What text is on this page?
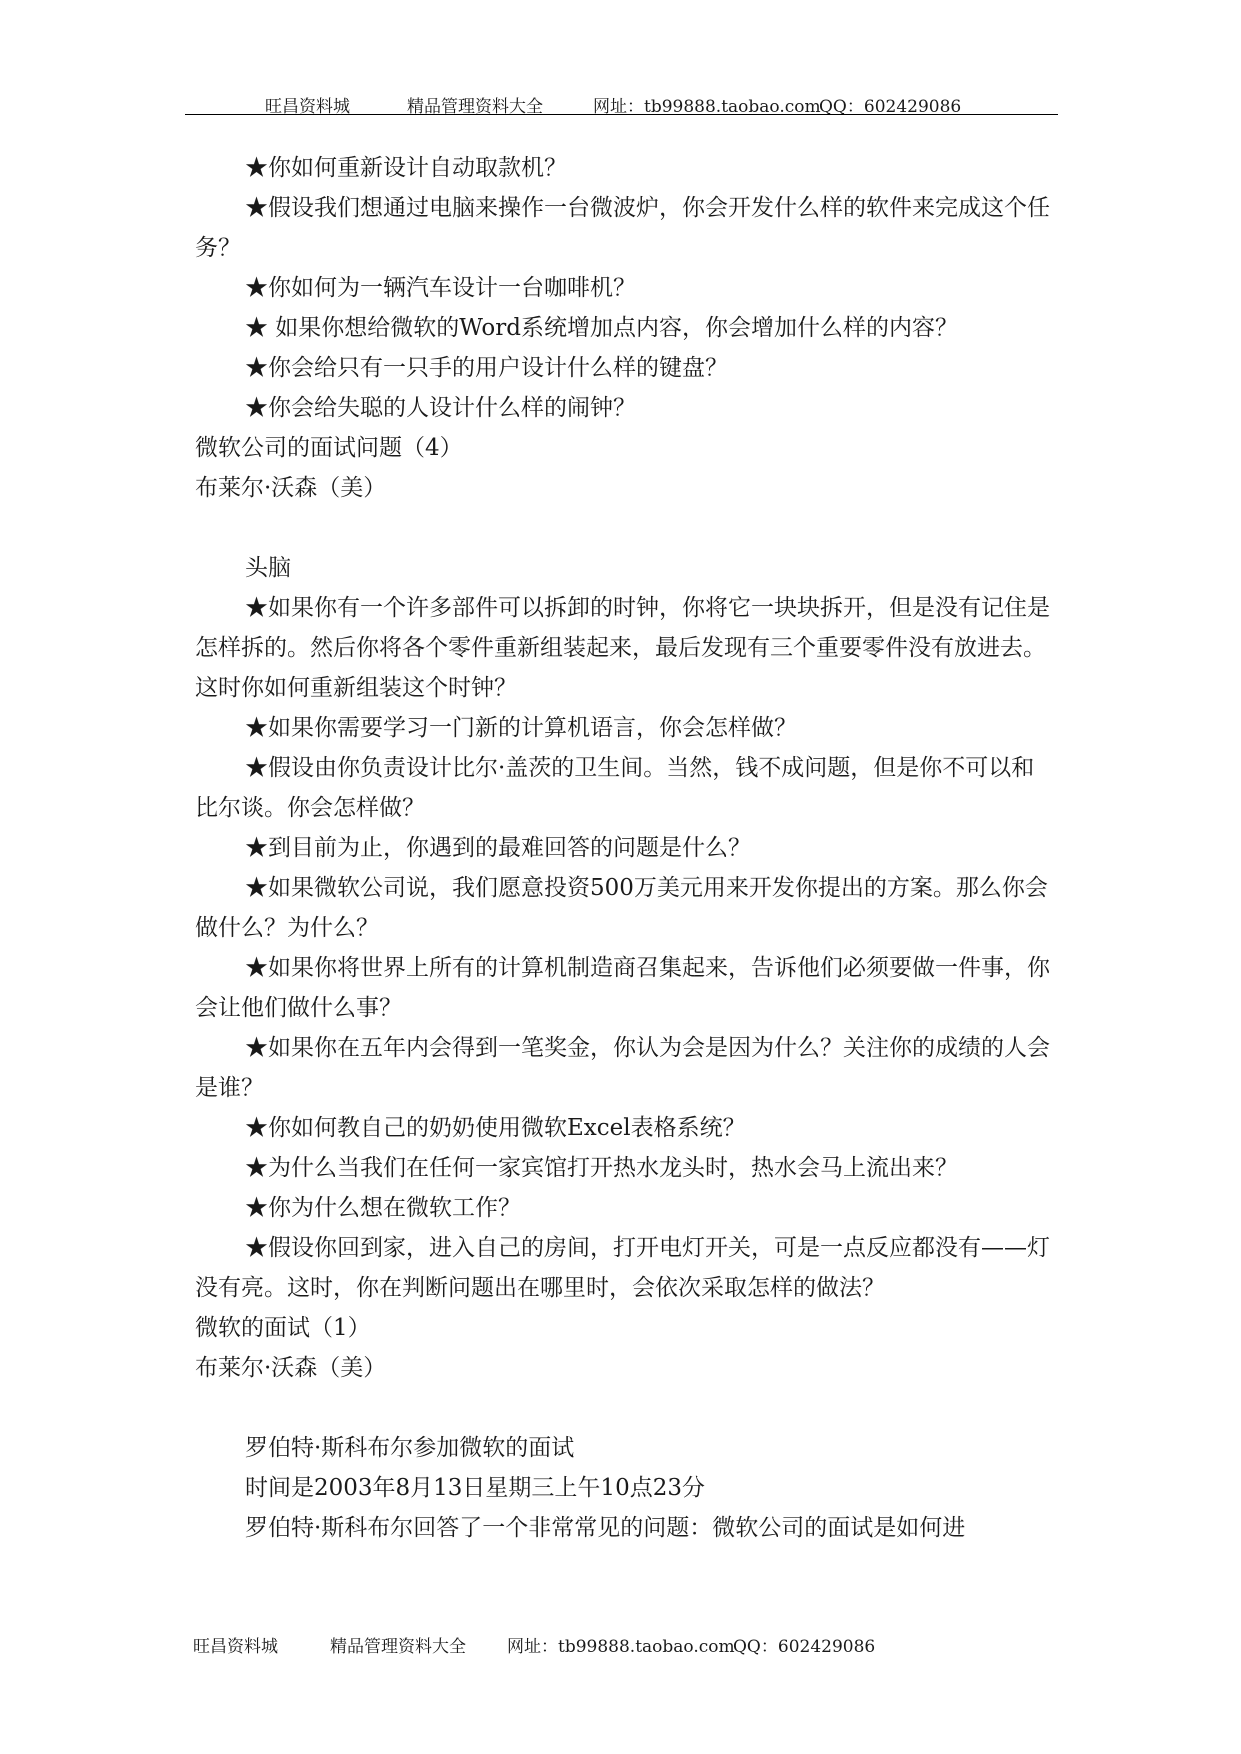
旺昌资料城	精品管理资料大全	网址：tb99888.taobao.com
QQ：602429086

★你如何重新设计自动取款机？

★假设我们想通过电脑来操作一台微波炉，你会开发什么样的软件来完成这个任务？

★你如何为一辆汽车设计一台咖啡机？

★ 如果你想给微软的Word系统增加点内容，你会增加什么样的内容？

★你会给只有一只手的用户设计什么样的键盘？

★你会给失聪的人设计什么样的闹钟？

微软公司的面试问题（4）

布莱尔·沃森（美）

头脑

★如果你有一个许多部件可以拆卸的时钟，你将它一块块拆开，但是没有记住是怎样拆的。然后你将各个零件重新组装起来，最后发现有三个重要零件没有放进去。这时你如何重新组装这个时钟？

★如果你需要学习一门新的计算机语言，你会怎样做？

★假设由你负责设计比尔·盖茨的卫生间。当然，钱不成问题，但是你不可以和比尔谈。你会怎样做？

★到目前为止，你遇到的最难回答的问题是什么？

★如果微软公司说，我们愿意投资500万美元用来开发你提出的方案。那么你会做什么？为什么？

★如果你将世界上所有的计算机制造商召集起来，告诉他们必须要做一件事，你会让他们做什么事？

★如果你在五年内会得到一笔奖金，你认为会是因为什么？关注你的成绩的人会是谁？

★你如何教自己的奶奶使用微软Excel表格系统？

★为什么当我们在任何一家宾馆打开热水龙头时，热水会马上流出来？

★你为什么想在微软工作？

★假设你回到家，进入自己的房间，打开电灯开关，可是一点反应都没有——灯没有亮。这时，你在判断问题出在哪里时，会依次采取怎样的做法？

微软的面试（1）

布莱尔·沃森（美）

罗伯特·斯科布尔参加微软的面试

时间是2003年8月13日星期三上午10点23分

罗伯特·斯科布尔回答了一个非常常见的问题：微软公司的面试是如何进

旺昌资料城	精品管理资料大全 网址：tb99888.taobao.com
QQ：602429086
